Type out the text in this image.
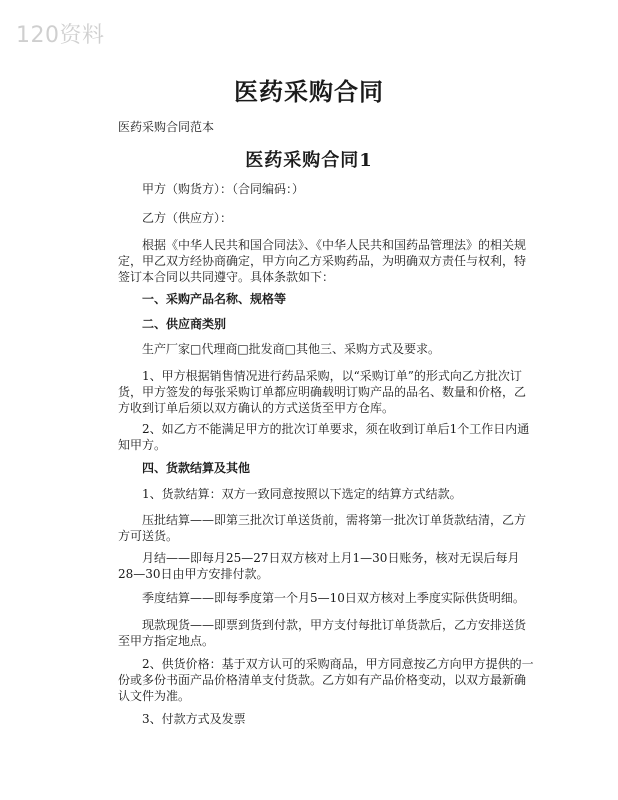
120资料
医药采购合同
医药采购合同范本
医药采购合同1

甲方（购货方）：（合同编码：）

乙方（供应方）：

根据《中华人民共和国合同法》、《中华人民共和国药品管理法》的相关规定，甲乙双方经协商确定，甲方向乙方采购药品，为明确双方责任与权利，特签订本合同以共同遵守。具体条款如下：

一、采购产品名称、规格等

二、供应商类别

生产厂家□代理商□批发商□其他三、采购方式及要求。

1、甲方根据销售情况进行药品采购，以“采购订单”的形式向乙方批次订货，甲方签发的每张采购订单都应明确载明订购产品的品名、数量和价格，乙方收到订单后须以双方确认的方式送货至甲方仓库。

2、如乙方不能满足甲方的批次订单要求，须在收到订单后1个工作日内通知甲方。

四、货款结算及其他

1、货款结算：双方一致同意按照以下选定的结算方式结款。

压批结算——即第三批次订单送货前，需将第一批次订单货款结清，乙方方可送货。

月结——即每月25—27日双方核对上月1—30日账务，核对无误后每月28—30日由甲方安排付款。

季度结算——即每季度第一个月5—10日双方核对上季度实际供货明细。

现款现货——即票到货到付款，甲方支付每批订单货款后，乙方安排送货至甲方指定地点。

2、供货价格：基于双方认可的采购商品，甲方同意按乙方向甲方提供的一份或多份书面产品价格清单支付货款。乙方如有产品价格变动，以双方最新确认文件为准。

3、付款方式及发票
